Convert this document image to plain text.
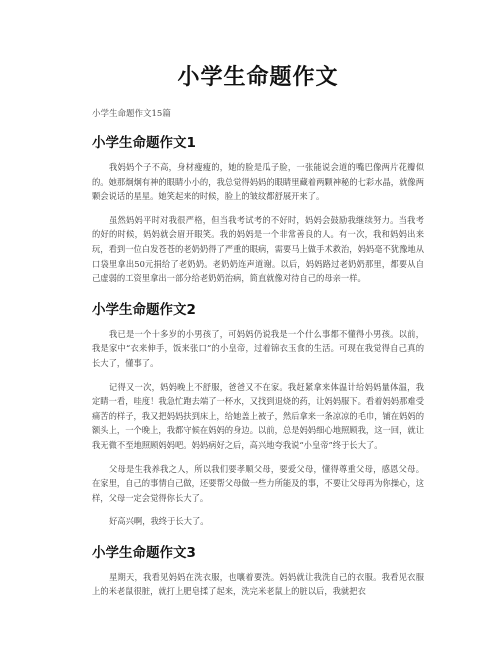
小学生命题作文

小学生命题作文15篇

小学生命题作文1

我妈妈个子不高，身材瘦瘦的，她的脸是瓜子脸，一张能说会道的嘴巴像两片花瓣似的。她那炯炯有神的眼睛小小的，我总觉得妈妈的眼睛里藏着两颗神秘的七彩水晶，就像两颗会说话的星星。她笑起来的时候，脸上的皱纹都舒展开来了。

虽然妈妈平时对我很严格，但当我考试考的不好时，妈妈会鼓励我继续努力。当我考的好的时候，妈妈就会眉开眼笑。我的妈妈是一个非常善良的人。有一次，我和妈妈出来玩，看到一位白发苍苍的老奶奶得了严重的眼病，需要马上做手术救治，妈妈毫不犹豫地从口袋里拿出50元捐给了老奶奶。老奶奶连声道谢。以后，妈妈路过老奶奶那里，都要从自己虚弱的工资里拿出一部分给老奶奶治病，简直就像对待自己的母亲一样。

小学生命题作文2

我已是一个十多岁的小男孩了，可妈妈仍说我是一个什么事都不懂得小男孩。以前，我是家中“衣来伸手，饭来张口”的小皇帝，过着锦衣玉食的生活。可现在我觉得自己真的长大了，懂事了。

记得又一次，妈妈晚上不舒服，爸爸又不在家。我赶紧拿来体温计给妈妈量体温，我定睛一看，哇度！我急忙跑去端了一杯水，又找到退烧的药，让妈妈服下。看着妈妈那难受痛苦的样子，我又把妈妈扶到床上，给她盖上被子，然后拿来一条凉凉的毛巾，铺在妈妈的额头上，一个晚上，我都守候在妈妈的身边。以前，总是妈妈细心地照顾我，这一回，就让我无微不至地照顾妈妈吧。妈妈病好之后，高兴地夸我说“小皇帝”终于长大了。

父母是生我养我之人，所以我们要孝顺父母，要爱父母，懂得尊重父母，感恩父母。在家里，自己的事情自己做，还要帮父母做一些力所能及的事，不要让父母再为你操心，这样，父母一定会觉得你长大了。

好高兴啊，我终于长大了。

小学生命题作文3

星期天，我看见妈妈在洗衣服，也嚷着要洗。妈妈就让我洗自己的衣服。我看见衣服上的米老鼠很脏，就打上肥皂揉了起来，洗完米老鼠上的脏以后，我就把衣
